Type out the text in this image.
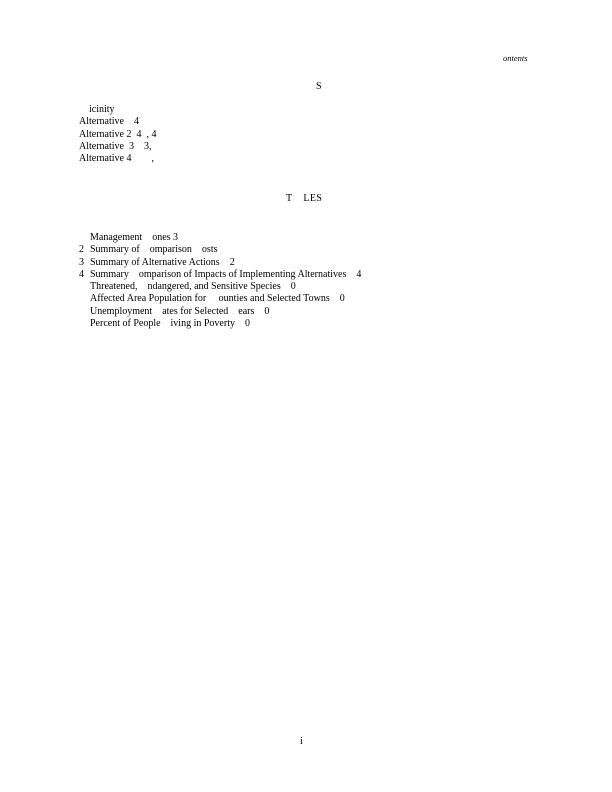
ontents
S
icinity
Alternative    4
Alternative 2  4  , 4
Alternative  3    3,
Alternative 4        ,
T    LES
Management    ones 3
2 Summary of    omparison    osts
3 Summary of Alternative Actions    2
4 Summary    omparison of Impacts of Implementing Alternatives    4
Threatened,    ndangered, and Sensitive Species    0
Affected Area Population for     ounties and Selected Towns    0
Unemployment    ates for Selected    ears    0
Percent of People    iving in Poverty    0
i
